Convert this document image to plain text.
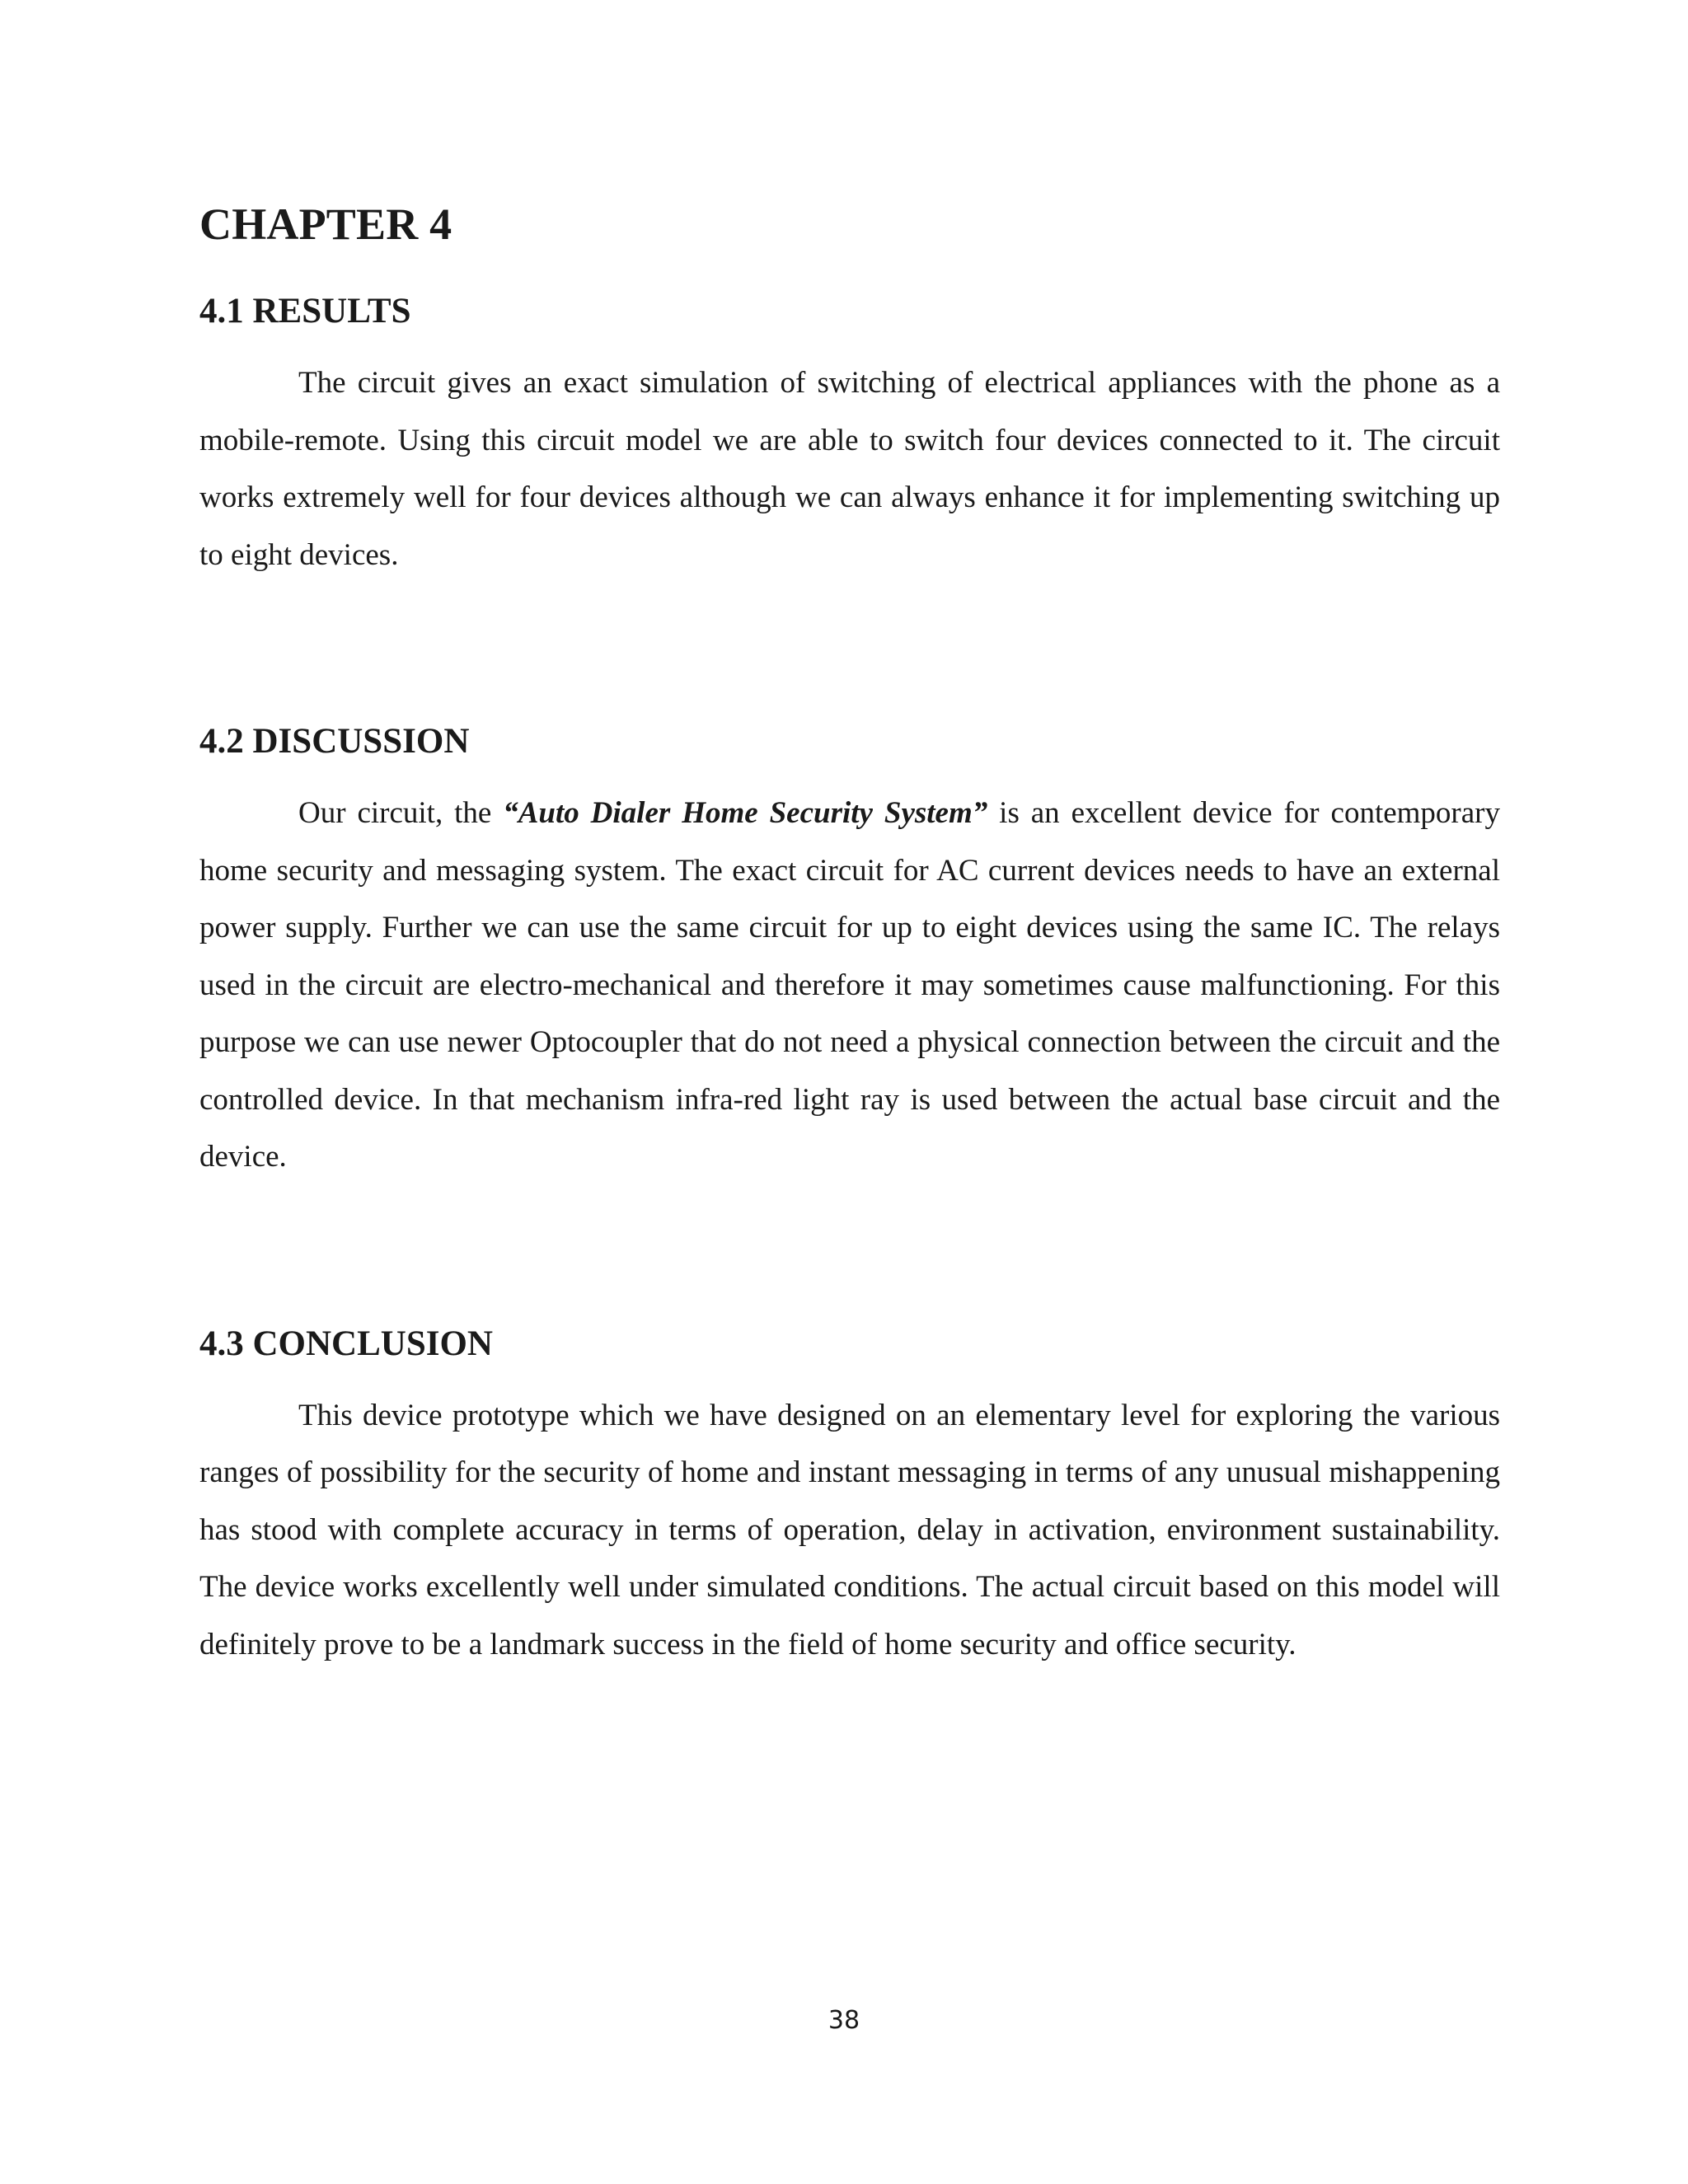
CHAPTER 4
4.1 RESULTS

The circuit gives an exact simulation of switching of electrical appliances with the phone as a mobile-remote. Using this circuit model we are able to switch four devices connected to it. The circuit works extremely well for four devices although we can always enhance it for implementing switching up to eight devices.

4.2 DISCUSSION

Our circuit, the “Auto Dialer Home Security System” is an excellent device for contemporary home security and messaging system. The exact circuit for AC current devices needs to have an external power supply. Further we can use the same circuit for up to eight devices using the same IC. The relays used in the circuit are electro-mechanical and therefore it may sometimes cause malfunctioning. For this purpose we can use newer Optocoupler that do not need a physical connection between the circuit and the controlled device. In that mechanism infra-red light ray is used between the actual base circuit and the device.

4.3 CONCLUSION

This device prototype which we have designed on an elementary level for exploring the various ranges of possibility for the security of home and instant messaging in terms of any unusual mishappening has stood with complete accuracy in terms of operation, delay in activation, environment sustainability. The device works excellently well under simulated conditions. The actual circuit based on this model will definitely prove to be a landmark success in the field of home security and office security.

38
